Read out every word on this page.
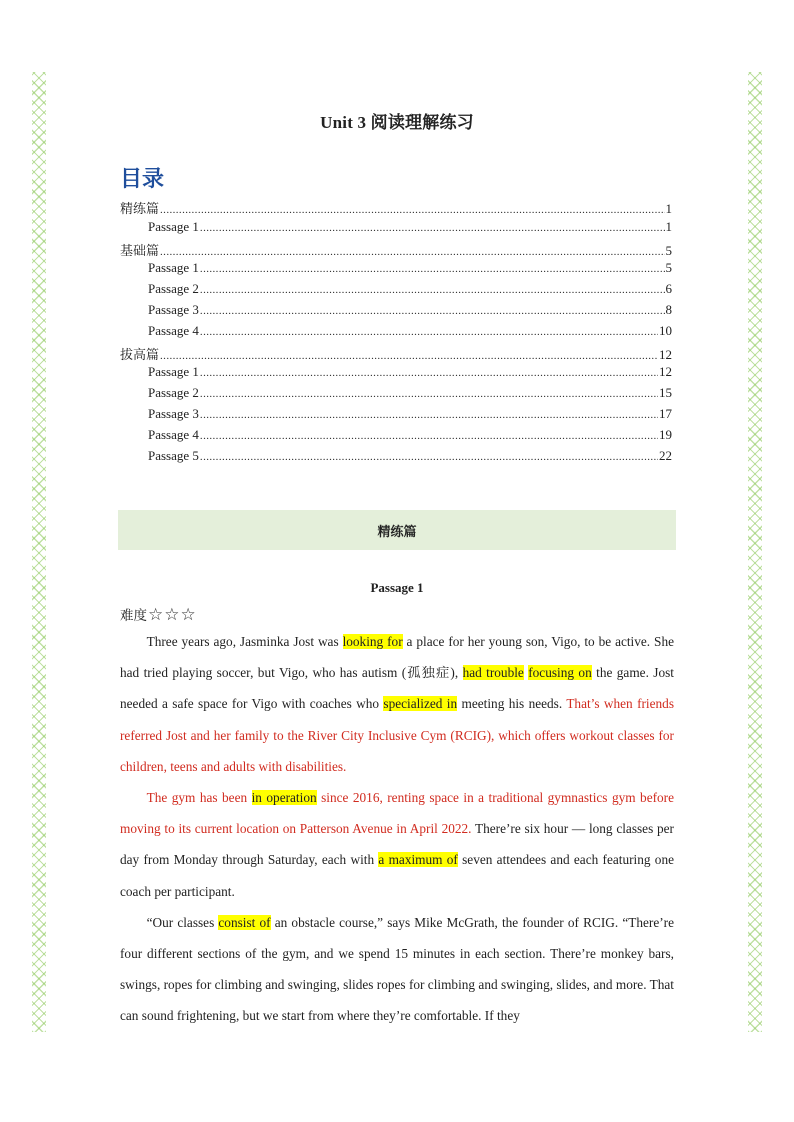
Unit 3 阅读理解练习
目录
精练篇 .....	1
Passage 1 .....	1
基础篇 .....	5
Passage 1 .....	5
Passage 2 .....	6
Passage 3 .....	8
Passage 4 .....	10
拔高篇 .....	12
Passage 1 .....	12
Passage 2 .....	15
Passage 3 .....	17
Passage 4 .....	19
Passage 5 .....	22
精练篇
Passage 1
难度 ☆ ☆ ☆

Three years ago, Jasminka Jost was looking for a place for her young son, Vigo, to be active. She had tried playing soccer, but Vigo, who has autism (孤独症), had trouble focusing on the game. Jost needed a safe space for Vigo with coaches who specialized in meeting his needs. That’s when friends referred Jost and her family to the River City Inclusive Cym (RCIG), which offers workout classes for children, teens and adults with disabilities.

The gym has been in operation since 2016, renting space in a traditional gymnastics gym before moving to its current location on Patterson Avenue in April 2022. There’re six hour — long classes per day from Monday through Saturday, each with a maximum of seven attendees and each featuring one coach per participant.

“Our classes consist of an obstacle course,” says Mike McGrath, the founder of RCIG. “There’re four different sections of the gym, and we spend 15 minutes in each section. There’re monkey bars, swings, ropes for climbing and swinging, slides ropes for climbing and swinging, slides, and more. That can sound frightening, but we start from where they’re comfortable. If they
